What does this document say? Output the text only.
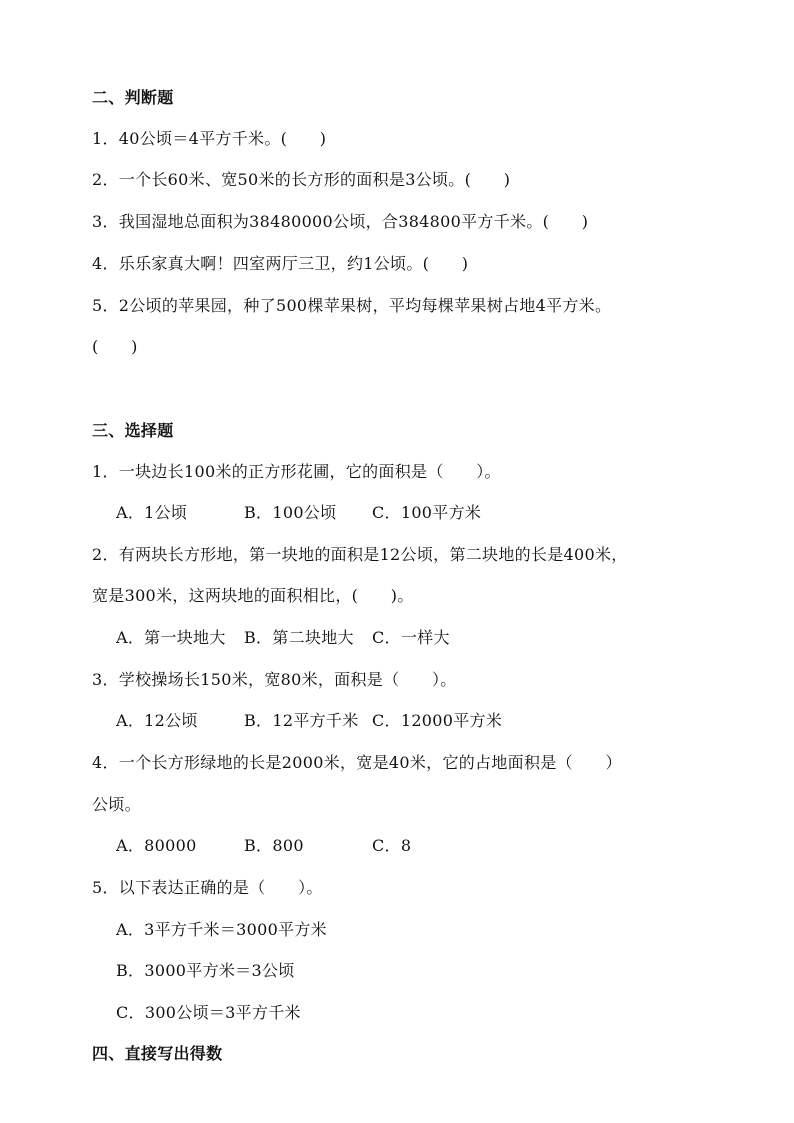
二、判断题
1．40公顷＝4平方千米。(　　)
2．一个长60米、宽50米的长方形的面积是3公顷。(　　)
3．我国湿地总面积为38480000公顷，合384800平方千米。(　　)
4．乐乐家真大啊！四室两厅三卫，约1公顷。(　　)
5．2公顷的苹果园，种了500棵苹果树，平均每棵苹果树占地4平方米。
(　　)
三、选择题
1．一块边长100米的正方形花圃，它的面积是（　　）。
A．1公顷	B．100公顷 C．100平方米
2．有两块长方形地，第一块地的面积是12公顷，第二块地的长是400米，
宽是300米，这两块地的面积相比，(　　)。
A．第一块地大 B．第二块地大 C．一样大
3．学校操场长150米，宽80米，面积是（　　）。
A．12公顷	B．12平方千米 C．12000平方米
4．一个长方形绿地的长是2000米，宽是40米，它的占地面积是（　　）
公顷。
A．80000	B．800	C．8
5．以下表达正确的是（　　）。
A．3平方千米＝3000平方米
B．3000平方米＝3公顷
C．300公顷＝3平方千米
四、直接写出得数
